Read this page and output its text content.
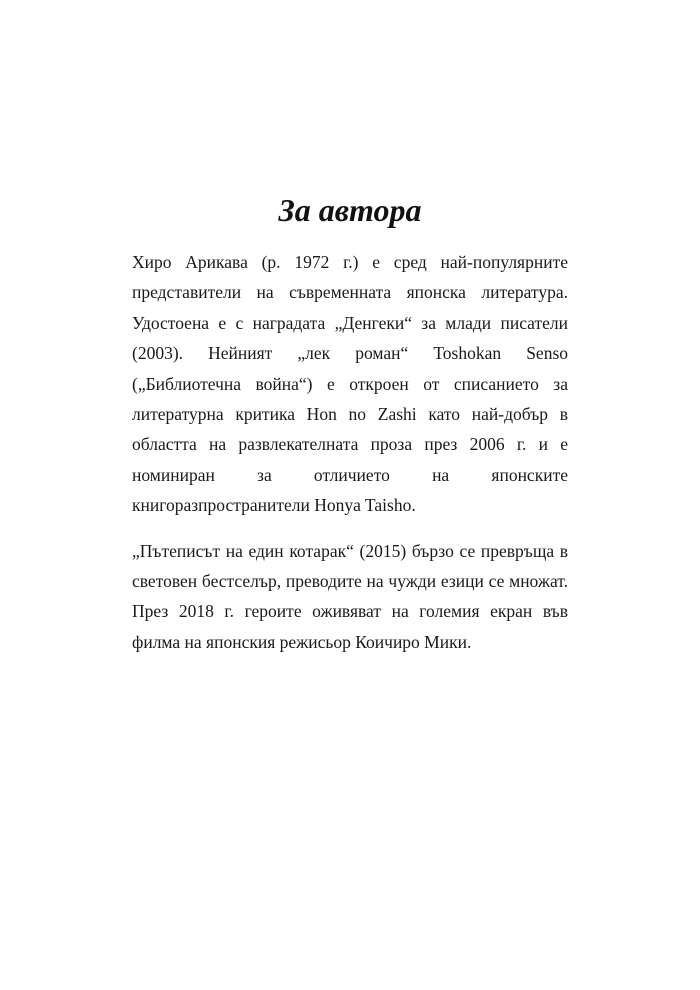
За автора

Хиро Арикава (р. 1972 г.) е сред най-популярните представители на съвременната японска литература. Удостоена е с наградата „Денгеки“ за млади писатели (2003). Нейният „лек роман“ Toshokan Senso („Библиотечна война“) е откроен от списанието за литературна критика Hon no Zashi като най-добър в областта на развлекателната проза през 2006 г. и е номиниран за отличието на японските книгоразпространители Honya Taisho.

„Пътеписът на един котарак“ (2015) бързо се превръща в световен бестселър, преводите на чужди езици се множат. През 2018 г. героите оживяват на големия екран във филма на японския режисьор Коичиро Мики.
